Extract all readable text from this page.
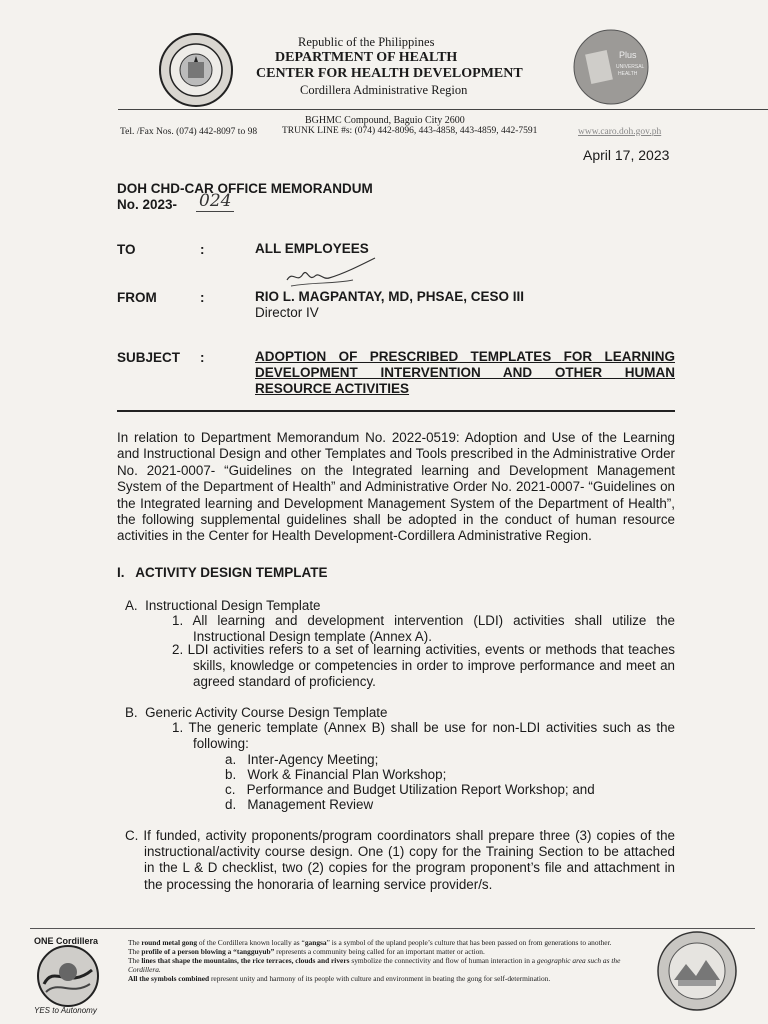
Republic of the Philippines
DEPARTMENT OF HEALTH
CENTER FOR HEALTH DEVELOPMENT
Cordillera Administrative Region
Plus
UNIVERSAL
HEALTH
BGHMC Compound, Baguio City 2600
Tel. /Fax Nos. (074) 442-8097 to 98	TRUNK LINE #s: (074) 442-8096, 443-4858, 443-4859, 442-7591	www.caro.doh.gov.ph
April 17, 2023
DOH CHD-CAR OFFICE MEMORANDUM
No. 2023- 024
TO	:	ALL EMPLOYEES
FROM	:	RIO L. MAGPANTAY, MD, PHSAE, CESO III
Director IV
SUBJECT :	ADOPTION OF PRESCRIBED TEMPLATES FOR LEARNING
DEVELOPMENT INTERVENTION AND OTHER HUMAN
RESOURCE ACTIVITIES
In relation to Department Memorandum No. 2022-0519: Adoption and Use of the Learning and Instructional Design and other Templates and Tools prescribed in the Administrative Order No. 2021-0007- “Guidelines on the Integrated learning and Development Management System of the Department of Health” and Administrative Order No. 2021-0007- “Guidelines on the Integrated learning and Development Management System of the Department of Health”, the following supplemental guidelines shall be adopted in the conduct of human resource activities in the Center for Health Development-Cordillera Administrative Region.
I.   ACTIVITY DESIGN TEMPLATE
A.  Instructional Design Template
1. All learning and development intervention (LDI) activities shall utilize the Instructional Design template (Annex A).
2. LDI activities refers to a set of learning activities, events or methods that teaches skills, knowledge or competencies in order to improve performance and meet an agreed standard of proficiency.
B.  Generic Activity Course Design Template
1. The generic template (Annex B) shall be use for non-LDI activities such as the following:
a.   Inter-Agency Meeting;
b.   Work & Financial Plan Workshop;
c.   Performance and Budget Utilization Report Workshop; and
d.   Management Review
C. If funded, activity proponents/program coordinators shall prepare three (3) copies of the instructional/activity course design. One (1) copy for the Training Section to be attached in the L & D checklist, two (2) copies for the program proponent’s file and attachment in the processing the honoraria of learning service provider/s.
ONE Cordillera
YES to Autonomy
The round metal gong of the Cordillera known locally as “gangsa” is a symbol of the upland people’s culture that has been passed on from generations to another.
The profile of a person blowing a “tangguyub” represents a community being called for an important matter or action.
The lines that shape the mountains, the rice terraces, clouds and rivers symbolize the connectivity and flow of human interaction in a geographic area such as the Cordillera.
All the symbols combined represent unity and harmony of its people with culture and environment in beating the gong for self-determination.
